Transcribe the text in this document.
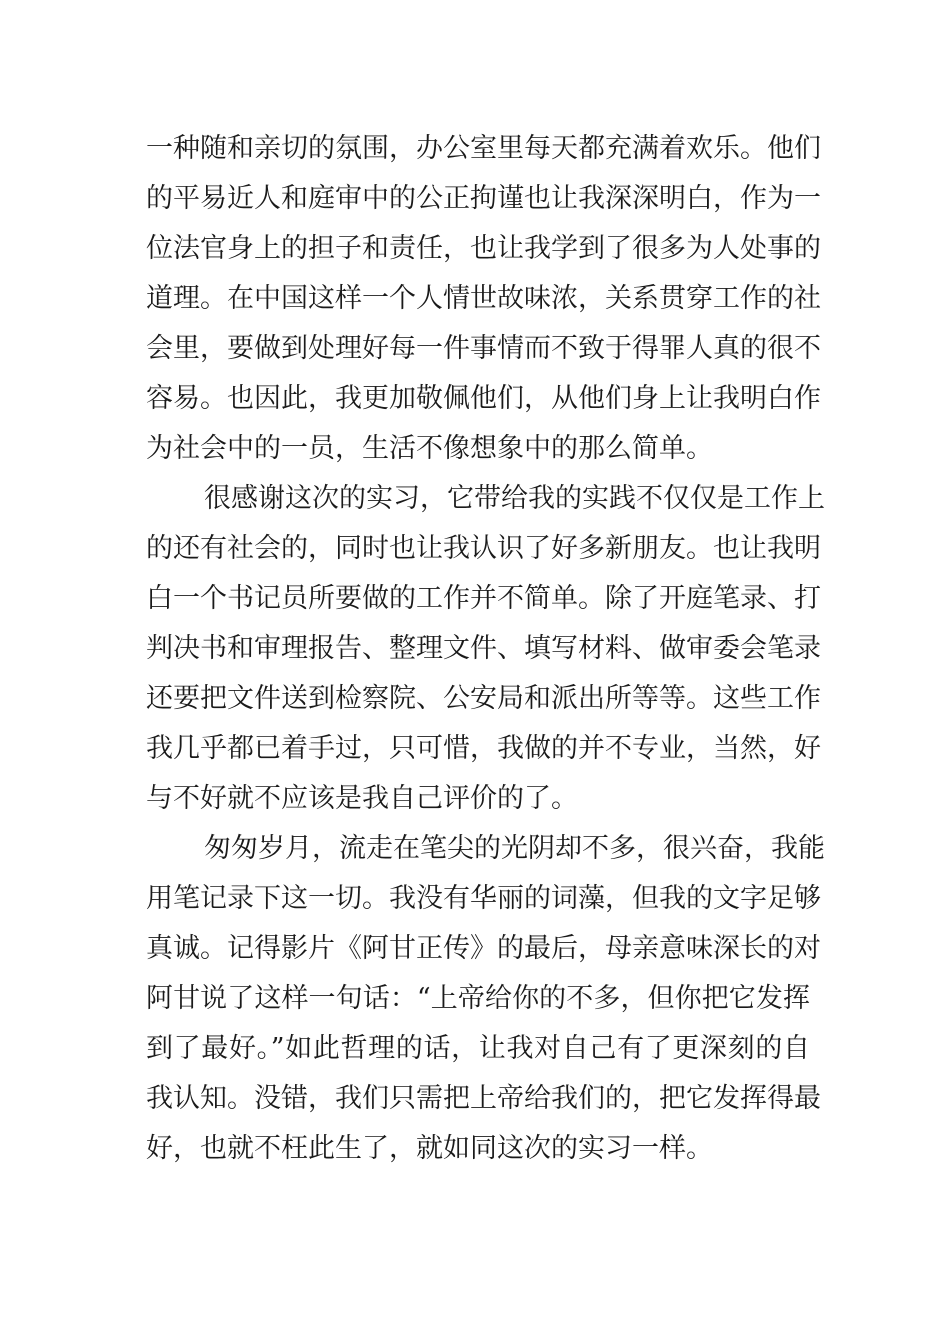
一种随和亲切的氛围，办公室里每天都充满着欢乐。他们
的平易近人和庭审中的公正拘谨也让我深深明白，作为一
位法官身上的担子和责任，也让我学到了很多为人处事的
道理。在中国这样一个人情世故味浓，关系贯穿工作的社
会里，要做到处理好每一件事情而不致于得罪人真的很不
容易。也因此，我更加敬佩他们，从他们身上让我明白作
为社会中的一员，生活不像想象中的那么简单。
很感谢这次的实习，它带给我的实践不仅仅是工作上
的还有社会的，同时也让我认识了好多新朋友。也让我明
白一个书记员所要做的工作并不简单。除了开庭笔录、打
判决书和审理报告、整理文件、填写材料、做审委会笔录
还要把文件送到检察院、公安局和派出所等等。这些工作
我几乎都已着手过，只可惜，我做的并不专业，当然，好
与不好就不应该是我自己评价的了。
匆匆岁月，流走在笔尖的光阴却不多，很兴奋，我能
用笔记录下这一切。我没有华丽的词藻，但我的文字足够
真诚。记得影片《阿甘正传》的最后，母亲意味深长的对
阿甘说了这样一句话：“上帝给你的不多，但你把它发挥
到了最好。”如此哲理的话，让我对自己有了更深刻的自
我认知。没错，我们只需把上帝给我们的，把它发挥得最
好，也就不枉此生了，就如同这次的实习一样。
